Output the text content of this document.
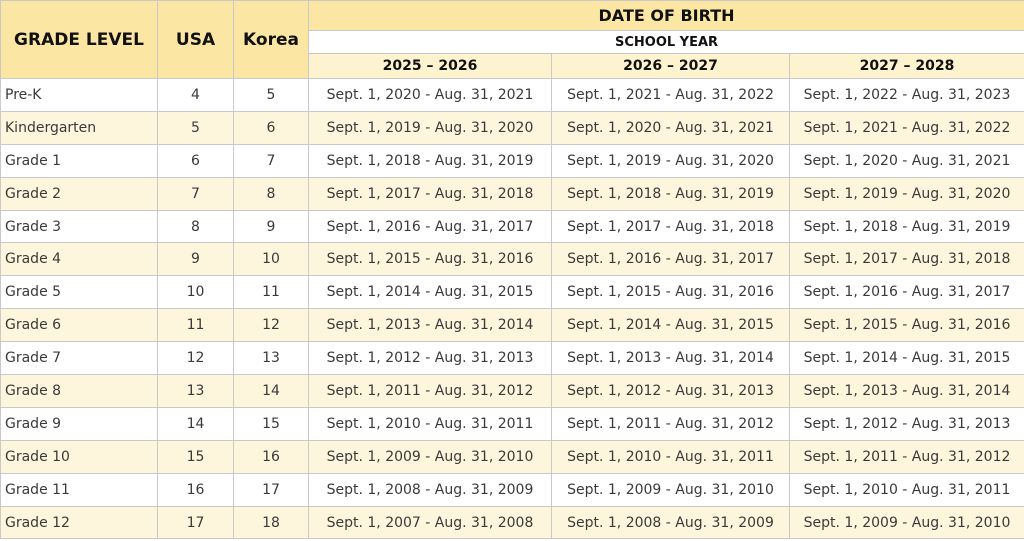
GRADE LEVEL	USA	Korea	DATE OF BIRTH		
			SCHOOL YEAR		
			2025 – 2026	2026 – 2027	2027 – 2028
Pre-K	4	5	Sept. 1, 2020 - Aug. 31, 2021	Sept. 1, 2021 - Aug. 31, 2022	Sept. 1, 2022 - Aug. 31, 2023
Kindergarten	5	6	Sept. 1, 2019 - Aug. 31, 2020	Sept. 1, 2020 - Aug. 31, 2021	Sept. 1, 2021 - Aug. 31, 2022
Grade 1	6	7	Sept. 1, 2018 - Aug. 31, 2019	Sept. 1, 2019 - Aug. 31, 2020	Sept. 1, 2020 - Aug. 31, 2021
Grade 2	7	8	Sept. 1, 2017 - Aug. 31, 2018	Sept. 1, 2018 - Aug. 31, 2019	Sept. 1, 2019 - Aug. 31, 2020
Grade 3	8	9	Sept. 1, 2016 - Aug. 31, 2017	Sept. 1, 2017 - Aug. 31, 2018	Sept. 1, 2018 - Aug. 31, 2019
Grade 4	9	10	Sept. 1, 2015 - Aug. 31, 2016	Sept. 1, 2016 - Aug. 31, 2017	Sept. 1, 2017 - Aug. 31, 2018
Grade 5	10	11	Sept. 1, 2014 - Aug. 31, 2015	Sept. 1, 2015 - Aug. 31, 2016	Sept. 1, 2016 - Aug. 31, 2017
Grade 6	11	12	Sept. 1, 2013 - Aug. 31, 2014	Sept. 1, 2014 - Aug. 31, 2015	Sept. 1, 2015 - Aug. 31, 2016
Grade 7	12	13	Sept. 1, 2012 - Aug. 31, 2013	Sept. 1, 2013 - Aug. 31, 2014	Sept. 1, 2014 - Aug. 31, 2015
Grade 8	13	14	Sept. 1, 2011 - Aug. 31, 2012	Sept. 1, 2012 - Aug. 31, 2013	Sept. 1, 2013 - Aug. 31, 2014
Grade 9	14	15	Sept. 1, 2010 - Aug. 31, 2011	Sept. 1, 2011 - Aug. 31, 2012	Sept. 1, 2012 - Aug. 31, 2013
Grade 10	15	16	Sept. 1, 2009 - Aug. 31, 2010	Sept. 1, 2010 - Aug. 31, 2011	Sept. 1, 2011 - Aug. 31, 2012
Grade 11	16	17	Sept. 1, 2008 - Aug. 31, 2009	Sept. 1, 2009 - Aug. 31, 2010	Sept. 1, 2010 - Aug. 31, 2011
Grade 12	17	18	Sept. 1, 2007 - Aug. 31, 2008	Sept. 1, 2008 - Aug. 31, 2009	Sept. 1, 2009 - Aug. 31, 2010
